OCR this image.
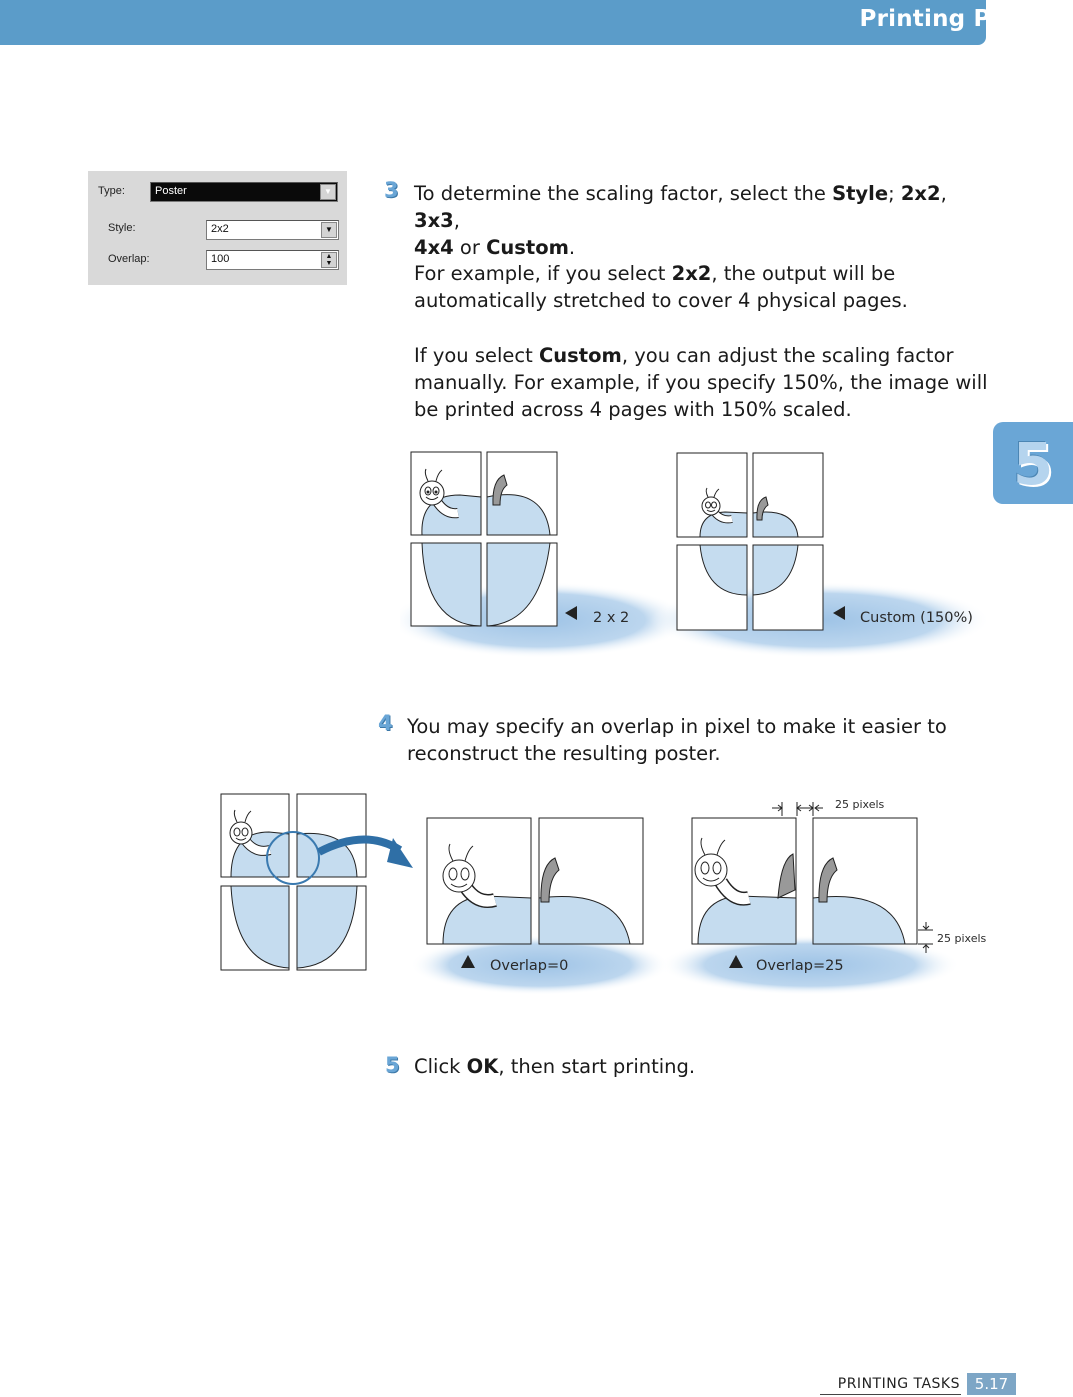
Printing Poster
5
Type:	Poster	▼
Style:	2x2	▼
Overlap:	100	▲
▼
3 To determine the scaling factor, select the Style; 2x2, 3x3,
4x4 or Custom.
For example, if you select 2x2, the output will be
automatically stretched to cover 4 physical pages.
If you select Custom, you can adjust the scaling factor
manually. For example, if you specify 150%, the image will
be printed across 4 pages with 150% scaled.
2 x 2	Custom (150%)
4 You may specify an overlap in pixel to make it easier to
reconstruct the resulting poster.
Overlap=0
25 pixels
25 pixels
Overlap=25
5 Click OK, then start printing.
PRINTING TASKS 5.17
